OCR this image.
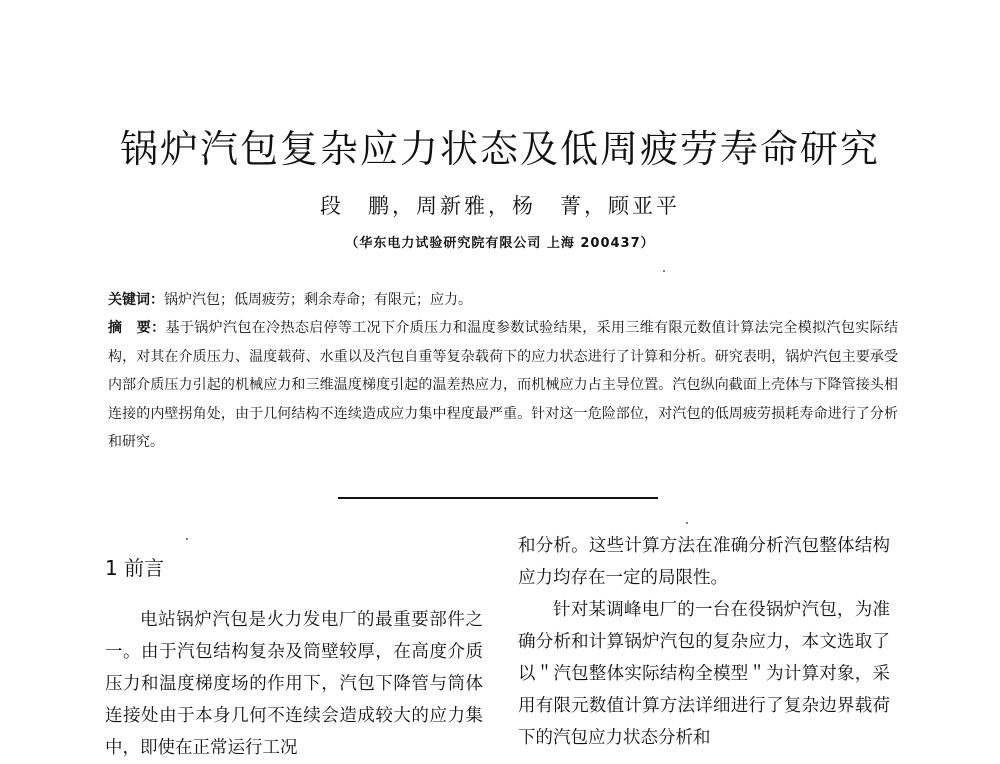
锅炉汽包复杂应力状态及低周疲劳寿命研究
段　鹏，周新雅，杨　菁，顾亚平
（华东电力试验研究院有限公司 上海 200437）
关键词：锅炉汽包；低周疲劳；剩余寿命；有限元；应力。
摘　要：基于锅炉汽包在冷热态启停等工况下介质压力和温度参数试验结果，采用三维有限元数值计算法完全模拟汽包实际结构，对其在介质压力、温度载荷、水重以及汽包自重等复杂载荷下的应力状态进行了计算和分析。研究表明，锅炉汽包主要承受内部介质压力引起的机械应力和三维温度梯度引起的温差热应力，而机械应力占主导位置。汽包纵向截面上壳体与下降管接头相连接的内壁拐角处，由于几何结构不连续造成应力集中程度最严重。针对这一危险部位，对汽包的低周疲劳损耗寿命进行了分析和研究。
1 前言

电站锅炉汽包是火力发电厂的最重要部件之一。由于汽包结构复杂及筒壁较厚，在高度介质压力和温度梯度场的作用下，汽包下降管与筒体连接处由于本身几何不连续会造成较大的应力集中，即使在正常运行工况

和分析。这些计算方法在准确分析汽包整体结构应力均存在一定的局限性。

针对某调峰电厂的一台在役锅炉汽包，为准确分析和计算锅炉汽包的复杂应力，本文选取了以＂汽包整体实际结构全模型＂为计算对象，采用有限元数值计算方法详细进行了复杂边界载荷下的汽包应力状态分析和
